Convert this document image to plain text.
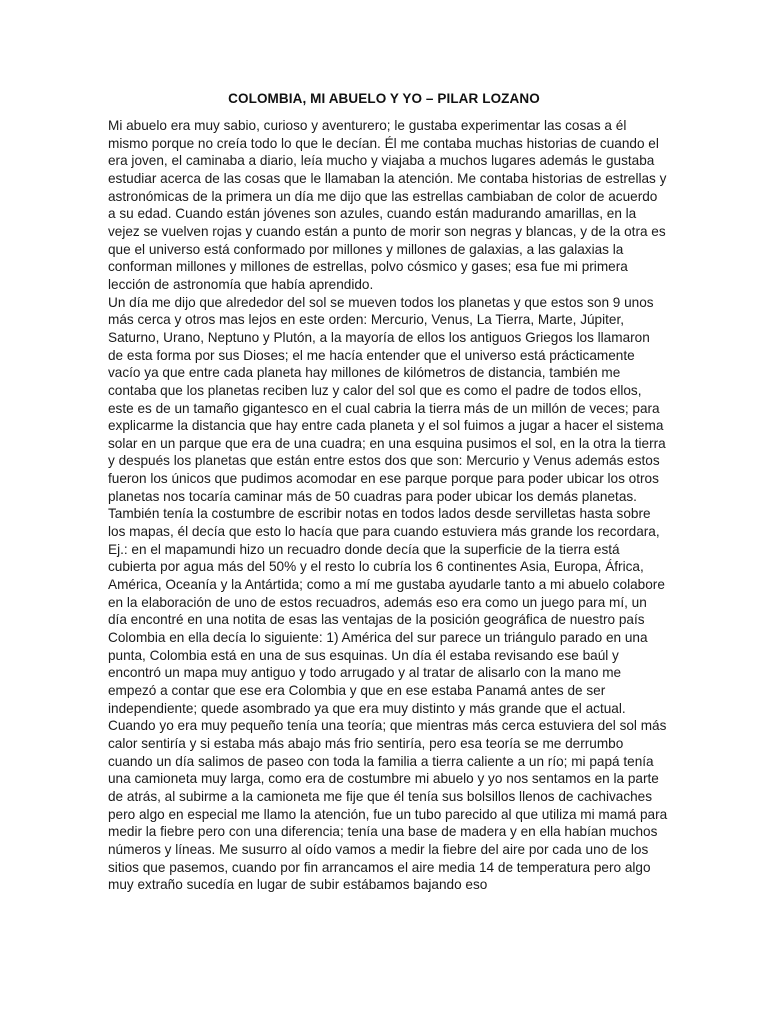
COLOMBIA, MI ABUELO Y YO – PILAR LOZANO

Mi abuelo era muy sabio, curioso y aventurero; le gustaba experimentar las cosas a él mismo porque no creía todo lo que le decían. Él me contaba muchas historias de cuando el era joven, el caminaba a diario, leía mucho y viajaba a muchos lugares además le gustaba estudiar acerca de las cosas que le llamaban la atención. Me contaba historias de estrellas y astronómicas de la primera un día me dijo que las estrellas cambiaban de color de acuerdo a su edad. Cuando están jóvenes son azules, cuando están madurando amarillas, en la vejez se vuelven rojas y cuando están a punto de morir son negras y blancas, y de la otra es que el universo está conformado por millones y millones de galaxias, a las galaxias la conforman millones y millones de estrellas, polvo cósmico y gases; esa fue mi primera lección de astronomía que había aprendido.

Un día me dijo que alrededor del sol se mueven todos los planetas y que estos son 9 unos más cerca y otros mas lejos en este orden: Mercurio, Venus, La Tierra, Marte, Júpiter, Saturno, Urano, Neptuno y Plutón, a la mayoría de ellos los antiguos Griegos los llamaron de esta forma por sus Dioses; el me hacía entender que el universo está prácticamente vacío ya que entre cada planeta hay millones de kilómetros de distancia, también me contaba que los planetas reciben luz y calor del sol que es como el padre de todos ellos, este es de un tamaño gigantesco en el cual cabria la tierra más de un millón de veces; para explicarme la distancia que hay entre cada planeta y el sol fuimos a jugar a hacer el sistema solar en un parque que era de una cuadra; en una esquina pusimos el sol, en la otra la tierra y después los planetas que están entre estos dos que son: Mercurio y Venus además estos fueron los únicos que pudimos acomodar en ese parque porque para poder ubicar los otros planetas nos tocaría caminar más de 50 cuadras para poder ubicar los demás planetas.

También tenía la costumbre de escribir notas en todos lados desde servilletas hasta sobre los mapas, él decía que esto lo hacía que para cuando estuviera más grande los recordara, Ej.: en el mapamundi hizo un recuadro donde decía que la superficie de la tierra está cubierta por agua más del 50% y el resto lo cubría los 6 continentes Asia, Europa, África, América, Oceanía y la Antártida; como a mí me gustaba ayudarle tanto a mi abuelo colabore en la elaboración de uno de estos recuadros, además eso era como un juego para mí, un día encontré en una notita de esas las ventajas de la posición geográfica de nuestro país Colombia en ella decía lo siguiente: 1) América del sur parece un triángulo parado en una punta, Colombia está en una de sus esquinas. Un día él estaba revisando ese baúl y encontró un mapa muy antiguo y todo arrugado y al tratar de alisarlo con la mano me empezó a contar que ese era Colombia y que en ese estaba Panamá antes de ser independiente; quede asombrado ya que era muy distinto y más grande que el actual.

Cuando yo era muy pequeño tenía una teoría; que mientras más cerca estuviera del sol más calor sentiría y si estaba más abajo más frio sentiría, pero esa teoría se me derrumbo cuando un día salimos de paseo con toda la familia a tierra caliente a un río; mi papá tenía una camioneta muy larga, como era de costumbre mi abuelo y yo nos sentamos en la parte de atrás, al subirme a la camioneta me fije que él tenía sus bolsillos llenos de cachivaches pero algo en especial me llamo la atención, fue un tubo parecido al que utiliza mi mamá para medir la fiebre pero con una diferencia; tenía una base de madera y en ella habían muchos números y líneas. Me susurro al oído vamos a medir la fiebre del aire por cada uno de los sitios que pasemos, cuando por fin arrancamos el aire media 14 de temperatura pero algo muy extraño sucedía en lugar de subir estábamos bajando eso
